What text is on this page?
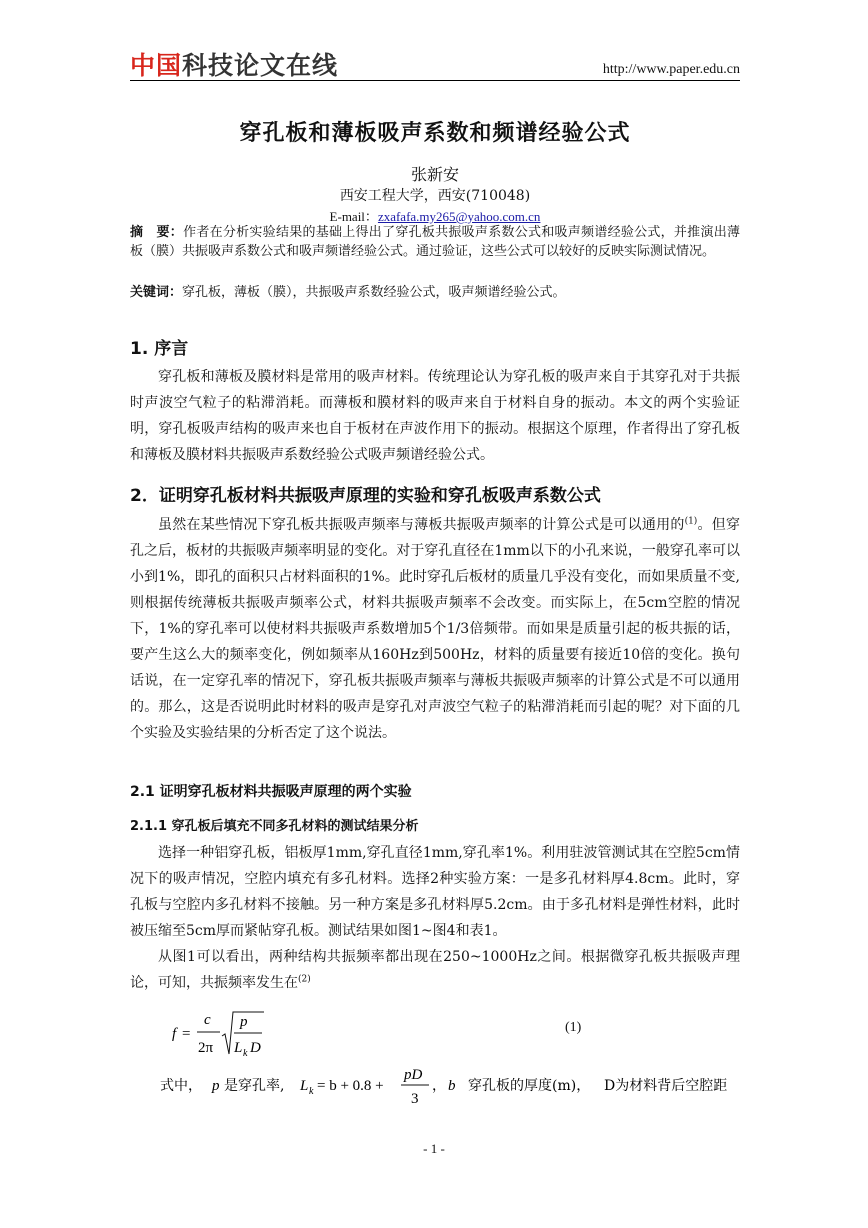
中国科技论文在线	http://www.paper.edu.cn
穿孔板和薄板吸声系数和频谱经验公式
张新安
西安工程大学，西安(710048)
E-mail：zxafafa.my265@yahoo.com.cn
摘　要：作者在分析实验结果的基础上得出了穿孔板共振吸声系数公式和吸声频谱经验公式，并推演出薄板（膜）共振吸声系数公式和吸声频谱经验公式。通过验证，这些公式可以较好的反映实际测试情况。
关键词：穿孔板，薄板（膜），共振吸声系数经验公式，吸声频谱经验公式。
1. 序言

穿孔板和薄板及膜材料是常用的吸声材料。传统理论认为穿孔板的吸声来自于其穿孔对于共振时声波空气粒子的粘滞消耗。而薄板和膜材料的吸声来自于材料自身的振动。本文的两个实验证明，穿孔板吸声结构的吸声来也自于板材在声波作用下的振动。根据这个原理，作者得出了穿孔板和薄板及膜材料共振吸声系数经验公式吸声频谱经验公式。

2．证明穿孔板材料共振吸声原理的实验和穿孔板吸声系数公式

虽然在某些情况下穿孔板共振吸声频率与薄板共振吸声频率的计算公式是可以通用的$^{(1)}$。但穿孔之后，板材的共振吸声频率明显的变化。对于穿孔直径在1mm以下的小孔来说，一般穿孔率可以小到1%，即孔的面积只占材料面积的1%。此时穿孔后板材的质量几乎没有变化，而如果质量不变,则根据传统薄板共振吸声频率公式，材料共振吸声频率不会改变。而实际上，在5cm空腔的情况下，1%的穿孔率可以使材料共振吸声系数增加5个1/3倍频带。而如果是质量引起的板共振的话，要产生这么大的频率变化，例如频率从160Hz到500Hz，材料的质量要有接近10倍的变化。换句话说，在一定穿孔率的情况下，穿孔板共振吸声频率与薄板共振吸声频率的计算公式是不可以通用的。那么，这是否说明此时材料的吸声是穿孔对声波空气粒子的粘滞消耗而引起的呢？对下面的几个实验及实验结果的分析否定了这个说法。

2.1 证明穿孔板材料共振吸声原理的两个实验
2.1.1 穿孔板后填充不同多孔材料的测试结果分析

选择一种铝穿孔板，铝板厚1mm,穿孔直径1mm,穿孔率1%。利用驻波管测试其在空腔5cm情况下的吸声情况，空腔内填充有多孔材料。选择2种实验方案：一是多孔材料厚4.8cm。此时，穿孔板与空腔内多孔材料不接触。另一种方案是多孔材料厚5.2cm。由于多孔材料是弹性材料，此时被压缩至5cm厚而紧帖穿孔板。测试结果如图1~图4和表1。

从图1可以看出，两种结构共振频率都出现在250~1000Hz之间。根据微穿孔板共振吸声理论，可知，共振频率发生在$^{(2)}$

f =
c
2π
p
L k D
(1)
式中， p 是穿孔率, L k = b + 0.8 +
pD
3
， b 穿孔板的厚度(m)， D为材料背后空腔距
- 1 -
